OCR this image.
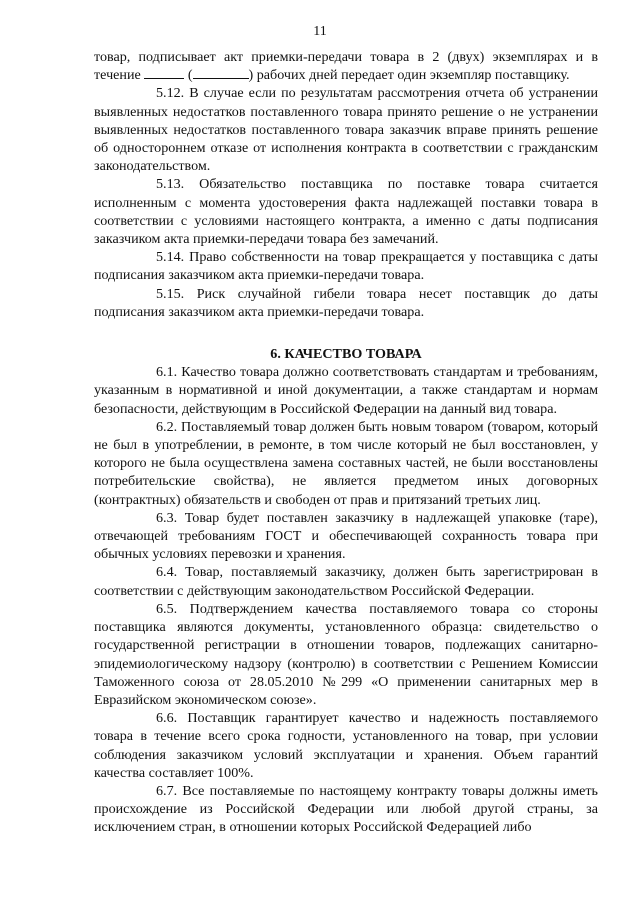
11

товар, подписывает акт приемки-передачи товара в 2 (двух) экземплярах и в течение	(	) рабочих дней передает один экземпляр поставщику.

5.12. В случае если по результатам рассмотрения отчета об устранении выявленных недостатков поставленного товара принято решение о не устранении выявленных недостатков поставленного товара заказчик вправе принять решение об одностороннем отказе от исполнения контракта в соответствии с гражданским законодательством.

5.13. Обязательство поставщика по поставке товара считается исполненным с момента удостоверения факта надлежащей поставки товара в соответствии с условиями настоящего контракта, а именно с даты подписания заказчиком акта приемки-передачи товара без замечаний.

5.14. Право собственности на товар прекращается у поставщика с даты подписания заказчиком акта приемки-передачи товара.

5.15. Риск случайной гибели товара несет поставщик до даты подписания заказчиком акта приемки-передачи товара.

6. КАЧЕСТВО ТОВАРА

6.1. Качество товара должно соответствовать стандартам и требованиям, указанным в нормативной и иной документации, а также стандартам и нормам безопасности, действующим в Российской Федерации на данный вид товара.

6.2. Поставляемый товар должен быть новым товаром (товаром, который не был в употреблении, в ремонте, в том числе который не был восстановлен, у которого не была осуществлена замена составных частей, не были восстановлены потребительские свойства), не является предметом иных договорных (контрактных) обязательств и свободен от прав и притязаний третьих лиц.

6.3. Товар будет поставлен заказчику в надлежащей упаковке (таре), отвечающей требованиям ГОСТ и обеспечивающей сохранность товара при обычных условиях перевозки и хранения.

6.4. Товар, поставляемый заказчику, должен быть зарегистрирован в соответствии с действующим законодательством Российской Федерации.

6.5. Подтверждением качества поставляемого товара со стороны поставщика являются документы, установленного образца: свидетельство о государственной регистрации в отношении товаров, подлежащих санитарно-эпидемиологическому надзору (контролю) в соответствии с Решением Комиссии Таможенного союза от 28.05.2010 №299 «О применении санитарных мер в Евразийском экономическом союзе».

6.6. Поставщик гарантирует качество и надежность поставляемого товара в течение всего срока годности, установленного на товар, при условии соблюдения заказчиком условий эксплуатации и хранения. Объем гарантий качества составляет 100%.

6.7. Все поставляемые по настоящему контракту товары должны иметь происхождение из Российской Федерации или любой другой страны, за исключением стран, в отношении которых Российской Федерацией либо
